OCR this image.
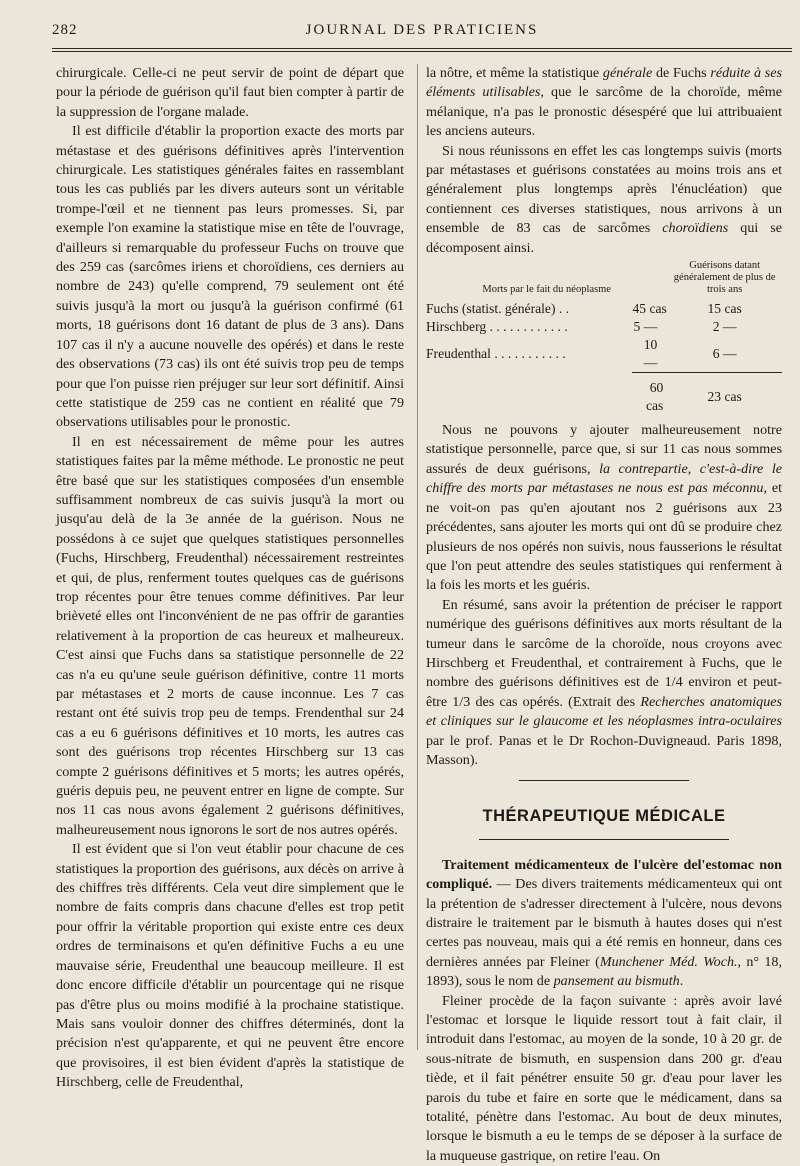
282	JOURNAL DES PRATICIENS

chirurgicale. Celle-ci ne peut servir de point de départ que pour la période de guérison qu'il faut bien compter à partir de la suppression de l'organe malade.

Il est difficile d'établir la proportion exacte des morts par métastase et des guérisons définitives après l'intervention chirurgicale. Les statistiques générales faites en rassemblant tous les cas publiés par les divers auteurs sont un véritable trompe-l'œil et ne tiennent pas leurs promesses. Si, par exemple l'on examine la statistique mise en tête de l'ouvrage, d'ailleurs si remarquable du professeur Fuchs on trouve que des 259 cas (sarcômes iriens et choroïdiens, ces derniers au nombre de 243) qu'elle comprend, 79 seulement ont été suivis jusqu'à la mort ou jusqu'à la guérison confirmé (61 morts, 18 guérisons dont 16 datant de plus de 3 ans). Dans 107 cas il n'y a aucune nouvelle des opérés) et dans le reste des observations (73 cas) ils ont été suivis trop peu de temps pour que l'on puisse rien préjuger sur leur sort définitif. Ainsi cette statistique de 259 cas ne contient en réalité que 79 observations utilisables pour le pronostic.

Il en est nécessairement de même pour les autres statistiques faites par la même méthode. Le pronostic ne peut être basé que sur les statistiques composées d'un ensemble suffisamment nombreux de cas suivis jusqu'à la mort ou jusqu'au delà de la 3e année de la guérison. Nous ne possédons à ce sujet que quelques statistiques personnelles (Fuchs, Hirschberg, Freudenthal) nécessairement restreintes et qui, de plus, renferment toutes quelques cas de guérisons trop récentes pour être tenues comme définitives. Par leur brièveté elles ont l'inconvénient de ne pas offrir de garanties relativement à la proportion de cas heureux et malheureux. C'est ainsi que Fuchs dans sa statistique personnelle de 22 cas n'a eu qu'une seule guérison définitive, contre 11 morts par métastases et 2 morts de cause inconnue. Les 7 cas restant ont été suivis trop peu de temps. Frendenthal sur 24 cas a eu 6 guérisons définitives et 10 morts, les autres cas sont des guérisons trop récentes Hirschberg sur 13 cas compte 2 guérisons définitives et 5 morts; les autres opérés, guéris depuis peu, ne peuvent entrer en ligne de compte. Sur nos 11 cas nous avons également 2 guérisons définitives, malheureusement nous ignorons le sort de nos autres opérés.

Il est évident que si l'on veut établir pour chacune de ces statistiques la proportion des guérisons, aux décès on arrive à des chiffres très différents. Cela veut dire simplement que le nombre de faits compris dans chacune d'elles est trop petit pour offrir la véritable proportion qui existe entre ces deux ordres de terminaisons et qu'en définitive Fuchs a eu une mauvaise série, Freudenthal une beaucoup meilleure. Il est donc encore difficile d'établir un pourcentage qui ne risque pas d'être plus ou moins modifié à la prochaine statistique. Mais sans vouloir donner des chiffres déterminés, dont la précision n'est qu'apparente, et qui ne peuvent être encore que provisoires, il est bien évident d'après la statistique de Hirschberg, celle de Freudenthal,

la nôtre, et même la statistique générale de Fuchs réduite à ses éléments utilisables, que le sarcôme de la choroïde, même mélanique, n'a pas le pronostic désespéré que lui attribuaient les anciens auteurs.

Si nous réunissons en effet les cas longtemps suivis (morts par métastases et guérisons constatées au moins trois ans et généralement plus longtemps après l'énucléation) que contiennent ces diverses statistiques, nous arrivons à un ensemble de 83 cas de sarcômes choroïdiens qui se décomposent ainsi.

Morts par le fait du néoplasme		Guérisons datant généralement de plus de trois ans
Fuchs (statist. générale) . .	45 cas	15 cas
Hirschberg . . . . . . . . . . . .	5 —	2 —
Freudenthal . . . . . . . . . . .	10 —	6 —
	60 cas	23 cas

Nous ne pouvons y ajouter malheureusement notre statistique personnelle, parce que, si sur 11 cas nous sommes assurés de deux guérisons, la contrepartie, c'est-à-dire le chiffre des morts par métastases ne nous est pas méconnu, et ne voit-on pas qu'en ajoutant nos 2 guérisons aux 23 précédentes, sans ajouter les morts qui ont dû se produire chez plusieurs de nos opérés non suivis, nous fausserions le résultat que l'on peut attendre des seules statistiques qui renferment à la fois les morts et les guéris.

En résumé, sans avoir la prétention de préciser le rapport numérique des guérisons définitives aux morts résultant de la tumeur dans le sarcôme de la choroïde, nous croyons avec Hirschberg et Freudenthal, et contrairement à Fuchs, que le nombre des guérisons définitives est de 1/4 environ et peut-être 1/3 des cas opérés. (Extrait des Recherches anatomiques et cliniques sur le glaucome et les néoplasmes intra-oculaires par le prof. Panas et le Dr Rochon-Duvigneaud. Paris 1898, Masson).

THÉRAPEUTIQUE MÉDICALE

Traitement médicamenteux de l'ulcère del'estomac non compliqué. — Des divers traitements médicamenteux qui ont la prétention de s'adresser directement à l'ulcère, nous devons distraire le traitement par le bismuth à hautes doses qui n'est certes pas nouveau, mais qui a été remis en honneur, dans ces dernières années par Fleiner (Munchener Méd. Woch., n° 18, 1893), sous le nom de pansement au bismuth.

Fleiner procède de la façon suivante : après avoir lavé l'estomac et lorsque le liquide ressort tout à fait clair, il introduit dans l'estomac, au moyen de la sonde, 10 à 20 gr. de sous-nitrate de bismuth, en suspension dans 200 gr. d'eau tiède, et il fait pénétrer ensuite 50 gr. d'eau pour laver les parois du tube et faire en sorte que le médicament, dans sa totalité, pénètre dans l'estomac. Au bout de deux minutes, lorsque le bismuth a eu le temps de se déposer à la surface de la muqueuse gastrique, on retire l'eau. On
